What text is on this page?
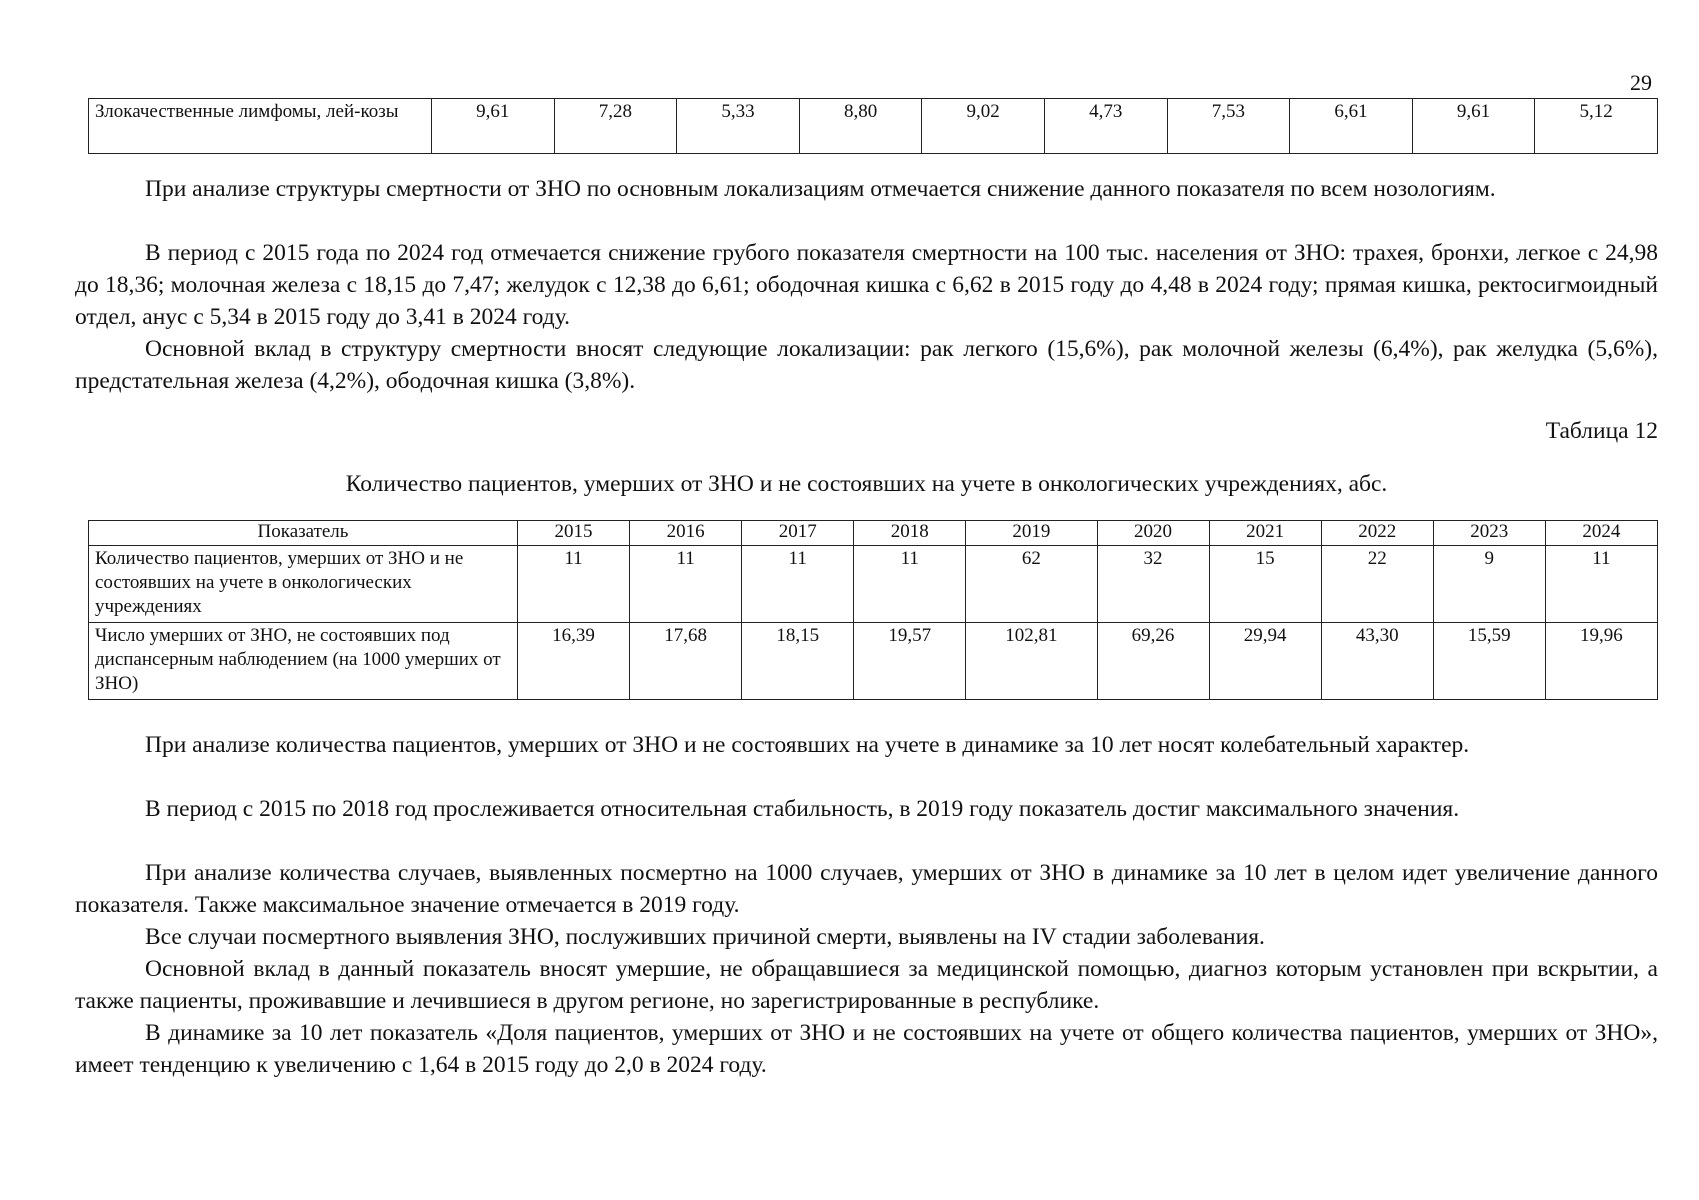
29
Злокачественные лимфомы, лей-козы	9,61	7,28	5,33	8,80	9,02	4,73	7,53	6,61	9,61	5,12

При анализе структуры смертности от ЗНО по основным локализациям отмечается снижение данного показателя по всем нозологиям.

В период с 2015 года по 2024 год отмечается снижение грубого показателя смертности на 100 тыс. населения от ЗНО: трахея, бронхи, легкое с 24,98 до 18,36; молочная железа с 18,15 до 7,47; желудок с 12,38 до 6,61; ободочная кишка с 6,62 в 2015 году до 4,48 в 2024 году; прямая кишка, ректосигмоидный отдел, анус с 5,34 в 2015 году до 3,41 в 2024 году.

Основной вклад в структуру смертности вносят следующие локализации: рак легкого (15,6%), рак молочной железы (6,4%), рак желудка (5,6%), предстательная железа (4,2%), ободочная кишка (3,8%).

Таблица 12
Количество пациентов, умерших от ЗНО и не состоявших на учете в онкологических учреждениях, абс.
Показатель	2015	2016	2017	2018	2019	2020	2021	2022	2023	2024
Количество пациентов, умерших от ЗНО и не состоявших на учете в онкологических учреждениях	11	11	11	11	62	32	15	22	9	11
Число умерших от ЗНО, не состоявших под диспансерным наблюдением (на 1000 умерших от ЗНО)	16,39	17,68	18,15	19,57	102,81	69,26	29,94	43,30	15,59	19,96

При анализе количества пациентов, умерших от ЗНО и не состоявших на учете в динамике за 10 лет носят колебательный характер.

В период с 2015 по 2018 год прослеживается относительная стабильность, в 2019 году показатель достиг максимального значения.

При анализе количества случаев, выявленных посмертно на 1000 случаев, умерших от ЗНО в динамике за 10 лет в целом идет увеличение данного показателя. Также максимальное значение отмечается в 2019 году.

Все случаи посмертного выявления ЗНО, послуживших причиной смерти, выявлены на IV стадии заболевания.

Основной вклад в данный показатель вносят умершие, не обращавшиеся за медицинской помощью, диагноз которым установлен при вскрытии, а также пациенты, проживавшие и лечившиеся в другом регионе, но зарегистрированные в республике.

В динамике за 10 лет показатель «Доля пациентов, умерших от ЗНО и не состоявших на учете от общего количества пациентов, умерших от ЗНО», имеет тенденцию к увеличению с 1,64 в 2015 году до 2,0 в 2024 году.
